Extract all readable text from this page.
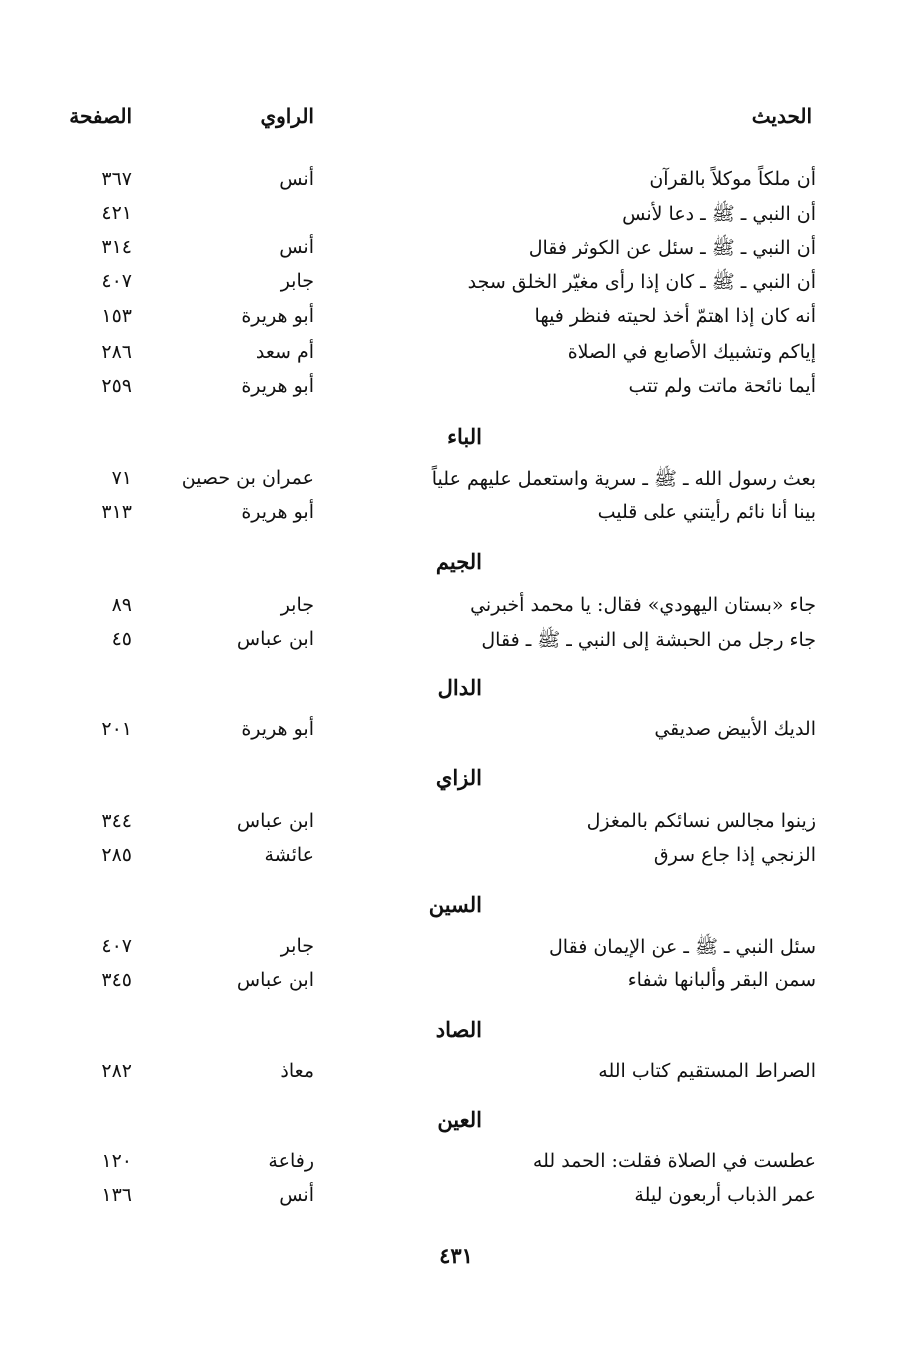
الحديث
الراوي
الصفحة
أن ملكاً موكلاً بالقرآن
أنس
٣٦٧
أن النبي ـ ﷺ ـ دعا لأنس
٤٢١
أن النبي ـ ﷺ ـ سئل عن الكوثر فقال
أنس
٣١٤
أن النبي ـ ﷺ ـ كان إذا رأى مغيّر الخلق سجد
جابر
٤٠٧
أنه كان إذا اهتمّ أخذ لحيته فنظر فيها
أبو هريرة
١٥٣
إياكم وتشبيك الأصابع في الصلاة
أم سعد
٢٨٦
أيما نائحة ماتت ولم تتب
أبو هريرة
٢٥٩
الباء
بعث رسول الله ـ ﷺ ـ سرية واستعمل عليهم علياً
عمران بن حصين
٧١
بينا أنا نائم رأيتني على قليب
أبو هريرة
٣١٣
الجيم
جاء «بستان اليهودي» فقال: يا محمد أخبرني
جابر
٨٩
جاء رجل من الحبشة إلى النبي ـ ﷺ ـ فقال
ابن عباس
٤٥
الدال
الديك الأبيض صديقي
أبو هريرة
٢٠١
الزاي
زينوا مجالس نسائكم بالمغزل
ابن عباس
٣٤٤
الزنجي إذا جاع سرق
عائشة
٢٨٥
السين
سئل النبي ـ ﷺ ـ عن الإيمان فقال
جابر
٤٠٧
سمن البقر وألبانها شفاء
ابن عباس
٣٤٥
الصاد
الصراط المستقيم كتاب الله
معاذ
٢٨٢
العين
عطست في الصلاة فقلت: الحمد لله
رفاعة
١٢٠
عمر الذباب أربعون ليلة
أنس
١٣٦
٤٣١
